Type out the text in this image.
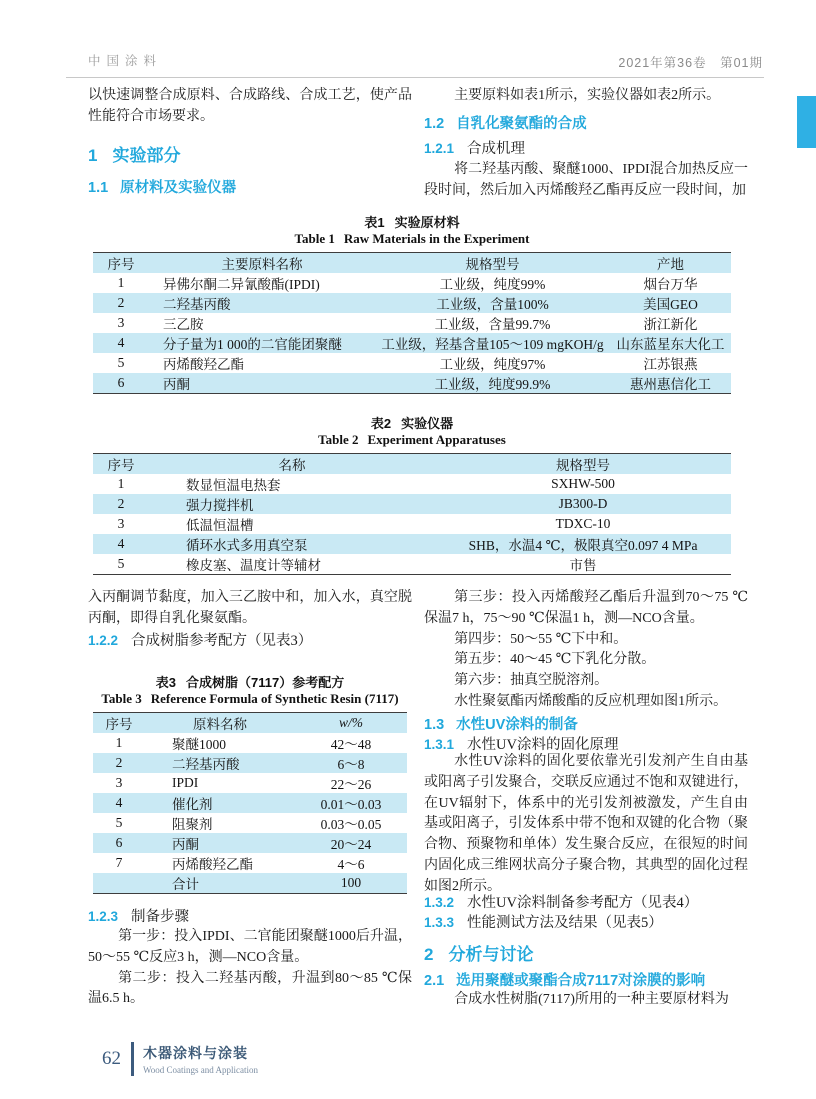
中国涂料	2021年第36卷　第01期
以快速调整合成原料、合成路线、合成工艺，使产品性能符合市场要求。
1 实验部分
1.1 原材料及实验仪器
表1 实验原材料
Table 1 Raw Materials in the Experiment
序号	主要原料名称	规格型号	产地
1	异佛尔酮二异氰酸酯(IPDI)	工业级，纯度99%	烟台万华
2	二羟基丙酸	工业级，含量100%	美国GEO
3	三乙胺	工业级，含量99.7%	浙江新化
4	分子量为1 000的二官能团聚醚	工业级，羟基含量105～109 mgKOH/g	山东蓝星东大化工
5	丙烯酸羟乙酯	工业级，纯度97%	江苏银燕
6	丙酮	工业级，纯度99.9%	惠州惠信化工
表2 实验仪器
Table 2 Experiment Apparatuses
序号	名称	规格型号
1	数显恒温电热套	SXHW-500
2	强力搅拌机	JB300-D
3	低温恒温槽	TDXC-10
4	循环水式多用真空泵	SHB，水温4 ℃，极限真空0.097 4 MPa
5	橡皮塞、温度计等辅材	市售
入丙酮调节黏度，加入三乙胺中和，加入水，真空脱丙酮，即得自乳化聚氨酯。
1.2.2 合成树脂参考配方（见表3）
表3 合成树脂（7117）参考配方
Table 3 Reference Formula of Synthetic Resin (7117)
序号	原料名称	w/%
1	聚醚1000	42～48
2	二羟基丙酸	6～8
3	IPDI	22～26
4	催化剂	0.01～0.03
5	阻聚剂	0.03～0.05
6	丙酮	20～24
7	丙烯酸羟乙酯	4～6
	合计	100
1.2.3 制备步骤

第一步：投入IPDI、二官能团聚醚1000后升温，50～55 ℃反应3 h，测—NCO含量。

第二步：投入二羟基丙酸，升温到80～85 ℃保温6.5 h。

主要原料如表1所示，实验仪器如表2所示。

1.2 自乳化聚氨酯的合成
1.2.1 合成机理

将二羟基丙酸、聚醚1000、IPDI混合加热反应一段时间，然后加入丙烯酸羟乙酯再反应一段时间，加

第三步：投入丙烯酸羟乙酯后升温到70～75 ℃保温7 h，75～90 ℃保温1 h，测—NCO含量。

第四步：50～55 ℃下中和。

第五步：40～45 ℃下乳化分散。

第六步：抽真空脱溶剂。

水性聚氨酯丙烯酸酯的反应机理如图1所示。

1.3 水性UV涂料的制备
1.3.1 水性UV涂料的固化原理

水性UV涂料的固化要依靠光引发剂产生自由基或阳离子引发聚合，交联反应通过不饱和双键进行，在UV辐射下，体系中的光引发剂被激发，产生自由基或阳离子，引发体系中带不饱和双键的化合物（聚合物、预聚物和单体）发生聚合反应，在很短的时间内固化成三维网状高分子聚合物，其典型的固化过程如图2所示。

1.3.2 水性UV涂料制备参考配方（见表4）
1.3.3 性能测试方法及结果（见表5）
2 分析与讨论
2.1 选用聚醚或聚酯合成7117对涂膜的影响

合成水性树脂(7117)所用的一种主要原材料为

62 木器涂料与涂装
Wood Coatings and Application
